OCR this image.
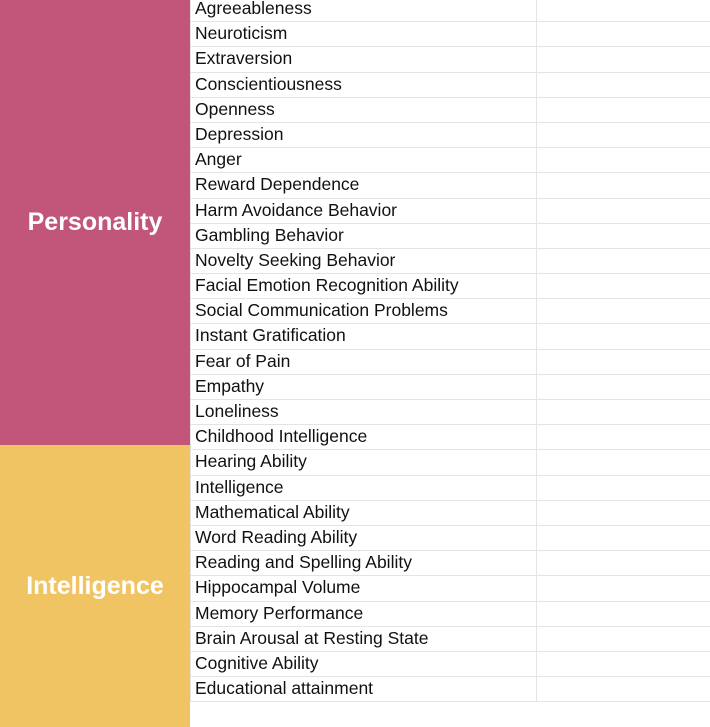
Personality
Intelligence
Agreeableness
Neuroticism
Extraversion
Conscientiousness
Openness
Depression
Anger
Reward Dependence
Harm Avoidance Behavior
Gambling Behavior
Novelty Seeking Behavior
Facial Emotion Recognition Ability
Social Communication Problems
Instant Gratification
Fear of Pain
Empathy
Loneliness
Childhood Intelligence
Hearing Ability
Intelligence
Mathematical Ability
Word Reading Ability
Reading and Spelling Ability
Hippocampal Volume
Memory Performance
Brain Arousal at Resting State
Cognitive Ability
Educational attainment
